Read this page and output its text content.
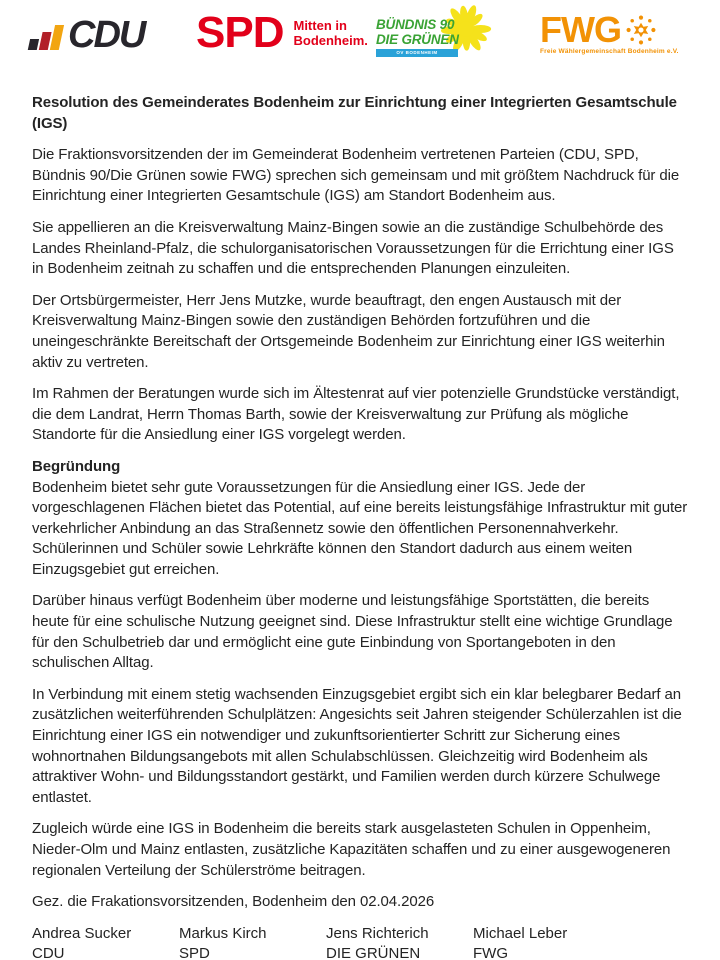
CDU SPD Mitten in
Bodenheim.
BÜNDNIS 90
DIE GRÜNEN
OV BODENHEIM
FWG
Freie Wählergemeinschaft Bodenheim e.V.

Resolution des Gemeinderates Bodenheim zur Einrichtung einer Integrierten Gesamtschule (IGS)

Die Fraktionsvorsitzenden der im Gemeinderat Bodenheim vertretenen Parteien (CDU, SPD, Bündnis 90/Die Grünen sowie FWG) sprechen sich gemeinsam und mit größtem Nachdruck für die Einrichtung einer Integrierten Gesamtschule (IGS) am Standort Bodenheim aus.

Sie appellieren an die Kreisverwaltung Mainz-Bingen sowie an die zuständige Schulbehörde des Landes Rheinland-Pfalz, die schulorganisatorischen Voraussetzungen für die Errichtung einer IGS in Bodenheim zeitnah zu schaffen und die entsprechenden Planungen einzuleiten.

Der Ortsbürgermeister, Herr Jens Mutzke, wurde beauftragt, den engen Austausch mit der Kreisverwaltung Mainz-Bingen sowie den zuständigen Behörden fortzuführen und die uneingeschränkte Bereitschaft der Ortsgemeinde Bodenheim zur Einrichtung einer IGS weiterhin aktiv zu vertreten.

Im Rahmen der Beratungen wurde sich im Ältestenrat auf vier potenzielle Grundstücke verständigt, die dem Landrat, Herrn Thomas Barth, sowie der Kreisverwaltung zur Prüfung als mögliche Standorte für die Ansiedlung einer IGS vorgelegt werden.

Begründung

Bodenheim bietet sehr gute Voraussetzungen für die Ansiedlung einer IGS. Jede der vorgeschlagenen Flächen bietet das Potential, auf eine bereits leistungsfähige Infrastruktur mit guter verkehrlicher Anbindung an das Straßennetz sowie den öffentlichen Personennahverkehr. Schülerinnen und Schüler sowie Lehrkräfte können den Standort dadurch aus einem weiten Einzugsgebiet gut erreichen.

Darüber hinaus verfügt Bodenheim über moderne und leistungsfähige Sportstätten, die bereits heute für eine schulische Nutzung geeignet sind. Diese Infrastruktur stellt eine wichtige Grundlage für den Schulbetrieb dar und ermöglicht eine gute Einbindung von Sportangeboten in den schulischen Alltag.

In Verbindung mit einem stetig wachsenden Einzugsgebiet ergibt sich ein klar belegbarer Bedarf an zusätzlichen weiterführenden Schulplätzen: Angesichts seit Jahren steigender Schülerzahlen ist die Einrichtung einer IGS ein notwendiger und zukunftsorientierter Schritt zur Sicherung eines wohnortnahen Bildungsangebots mit allen Schulabschlüssen. Gleichzeitig wird Bodenheim als attraktiver Wohn- und Bildungsstandort gestärkt, und Familien werden durch kürzere Schulwege entlastet.

Zugleich würde eine IGS in Bodenheim die bereits stark ausgelasteten Schulen in Oppenheim, Nieder-Olm und Mainz entlasten, zusätzliche Kapazitäten schaffen und zu einer ausgewogeneren regionalen Verteilung der Schülerströme beitragen.

Gez. die Frakationsvorsitzenden, Bodenheim den 02.04.2026

Andrea Sucker
CDU
Markus Kirch
SPD
Jens Richterich
DIE GRÜNEN
Michael Leber
FWG
